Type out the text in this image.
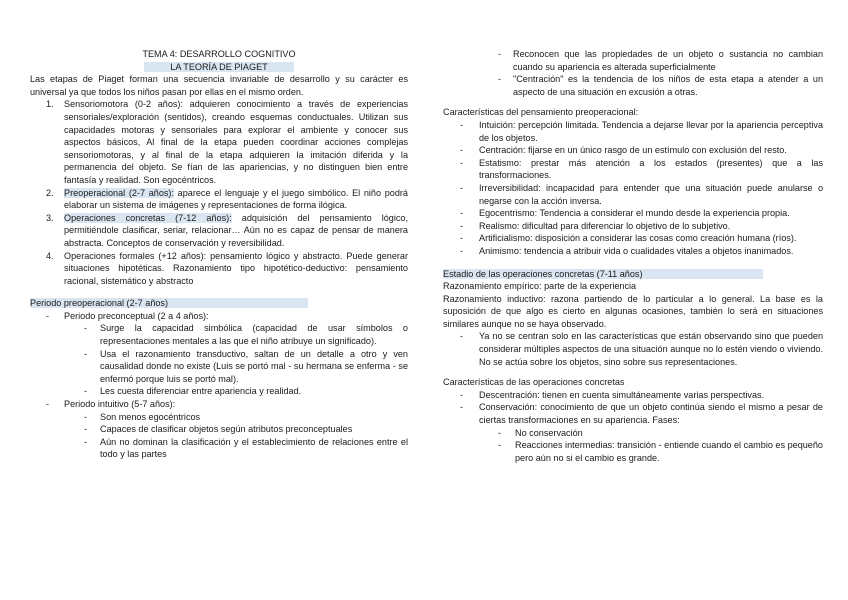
TEMA 4: DESARROLLO COGNITIVO
LA TEORÍA DE PIAGET
Las etapas de Piaget forman una secuencia invariable de desarrollo y su carácter es universal ya que todos los niños pasan por ellas en el mismo orden.
1. Sensoriomotora (0-2 años): adquieren conocimiento a través de experiencias sensoriales/exploración (sentidos), creando esquemas conductuales. Utilizan sus capacidades motoras y sensoriales para explorar el ambiente y conocer sus aspectos básicos, Al final de la etapa pueden coordinar acciones complejas sensoriomotoras, y al final de la etapa adquieren la imitación diferida y la permanencia del objeto. Se fían de las apariencias, y no distinguen bien entre fantasía y realidad. Son egocéntricos.
2. Preoperacional (2-7 años): aparece el lenguaje y el juego simbólico. El niño podrá elaborar un sistema de imágenes y representaciones de forma ilógica.
3. Operaciones concretas (7-12 años): adquisición del pensamiento lógico, permitiéndole clasificar, seriar, relacionar… Aún no es capaz de pensar de manera abstracta. Conceptos de conservación y reversibilidad.
4. Operaciones formales (+12 años): pensamiento lógico y abstracto. Puede generar situaciones hipotéticas. Razonamiento tipo hipotético-deductivo: pensamiento racional, sistemático y abstracto
Periodo preoperacional (2-7 años)
- Periodo preconceptual (2 a 4 años):
- Surge la capacidad simbólica (capacidad de usar símbolos o representaciones mentales a las que el niño atribuye un significado).
- Usa el razonamiento transductivo, saltan de un detalle a otro y ven causalidad donde no existe (Luis se portó mal - su hermana se enferma - se enfermó porque luis se portó mal).
- Les cuesta diferenciar entre apariencia y realidad.
- Periodo intuitivo (5-7 años):
- Son menos egocéntricos
- Capaces de clasificar objetos según atributos preconceptuales
- Aún no dominan la clasificación y el establecimiento de relaciones entre el todo y las partes
- Reconocen que las propiedades de un objeto o sustancia no cambian cuando su apariencia es alterada superficialmente
- "Centración" es la tendencia de los niños de esta etapa a atender a un aspecto de una situación en excusión a otras.
Características del pensamiento preoperacional:
- Intuición: percepción limitada. Tendencia a dejarse llevar por la apariencia perceptiva de los objetos.
- Centración: fijarse en un único rasgo de un estímulo con exclusión del resto.
- Estatismo: prestar más atención a los estados (presentes) que a las transformaciones.
- Irreversibilidad: incapacidad para entender que una situación puede anularse o negarse con la acción inversa.
- Egocentrismo: Tendencia a considerar el mundo desde la experiencia propia.
- Realismo: dificultad para diferenciar lo objetivo de lo subjetivo.
- Artificialismo: disposición a considerar las cosas como creación humana (ríos).
- Animismo: tendencia a atribuir vida o cualidades vitales a objetos inanimados.
Estadio de las operaciones concretas (7-11 años)
Razonamiento empírico: parte de la experiencia
Razonamiento inductivo: razona partiendo de lo particular a lo general. La base es la suposición de que algo es cierto en algunas ocasiones, también lo será en situaciones similares aunque no se haya observado.
- Ya no se centran solo en las características que están observando sino que pueden considerar múltiples aspectos de una situación aunque no lo estén viendo o viviendo. No se actúa sobre los objetos, sino sobre sus representaciones.
Características de las operaciones concretas
- Descentración: tienen en cuenta simultáneamente varias perspectivas.
- Conservación: conocimiento de que un objeto continúa siendo el mismo a pesar de ciertas transformaciones en su apariencia. Fases:
- No conservación
- Reacciones intermedias: transición - entiende cuando el cambio es pequeño pero aún no si el cambio es grande.
